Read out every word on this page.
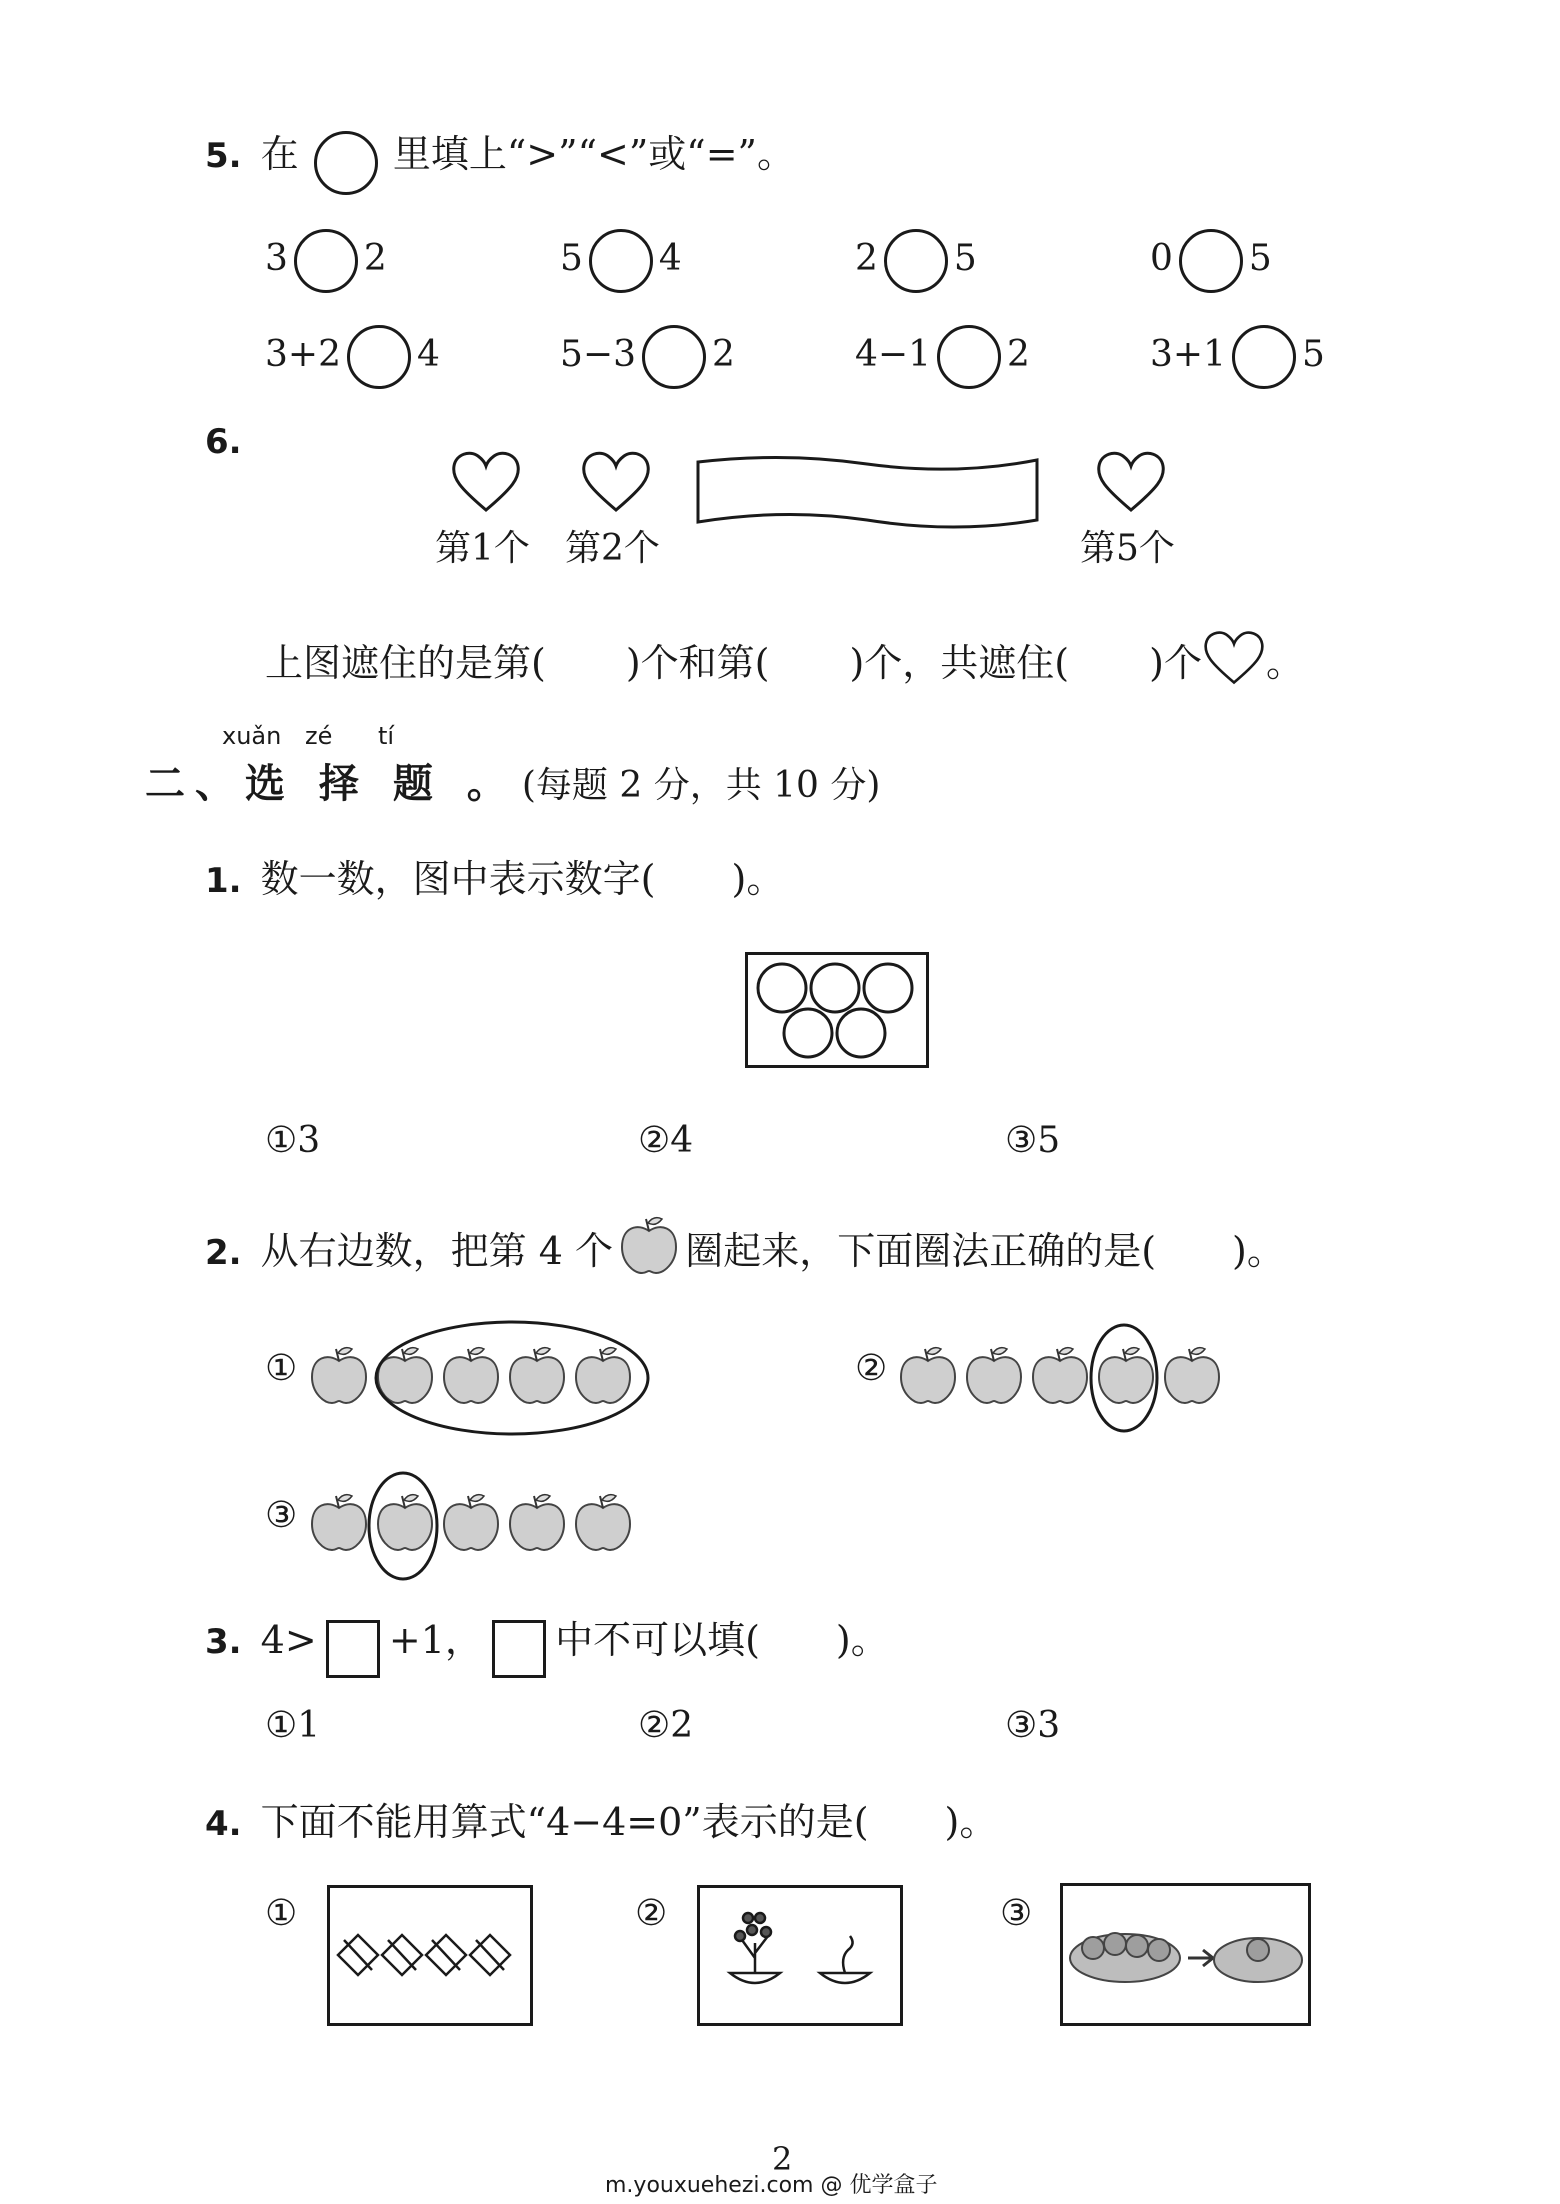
5. 在 里填上“>”“<”或“=”。
3 2	5 4	2 5	0 5
3+2 4	5−3 2	4−1 2	3+1 5
6.
第1个 第2个	第5个
上图遮住的是第( )个和第( )个，共遮住( )个 。
xuǎn zé tí
二、选 择 题 。 (每题 2 分，共 10 分)
1. 数一数，图中表示数字(　　)。
①3	②4	③5
2. 从右边数，把第 4 个 圈起来，下面圈法正确的是(　　)。
①	②
③
3. 4> +1， 中不可以填(　　)。
①1	②2	③3
4. 下面不能用算式“4−4=0”表示的是(　　)。
①	②	③
2
m.youxuehezi.com @ 优学盒子
